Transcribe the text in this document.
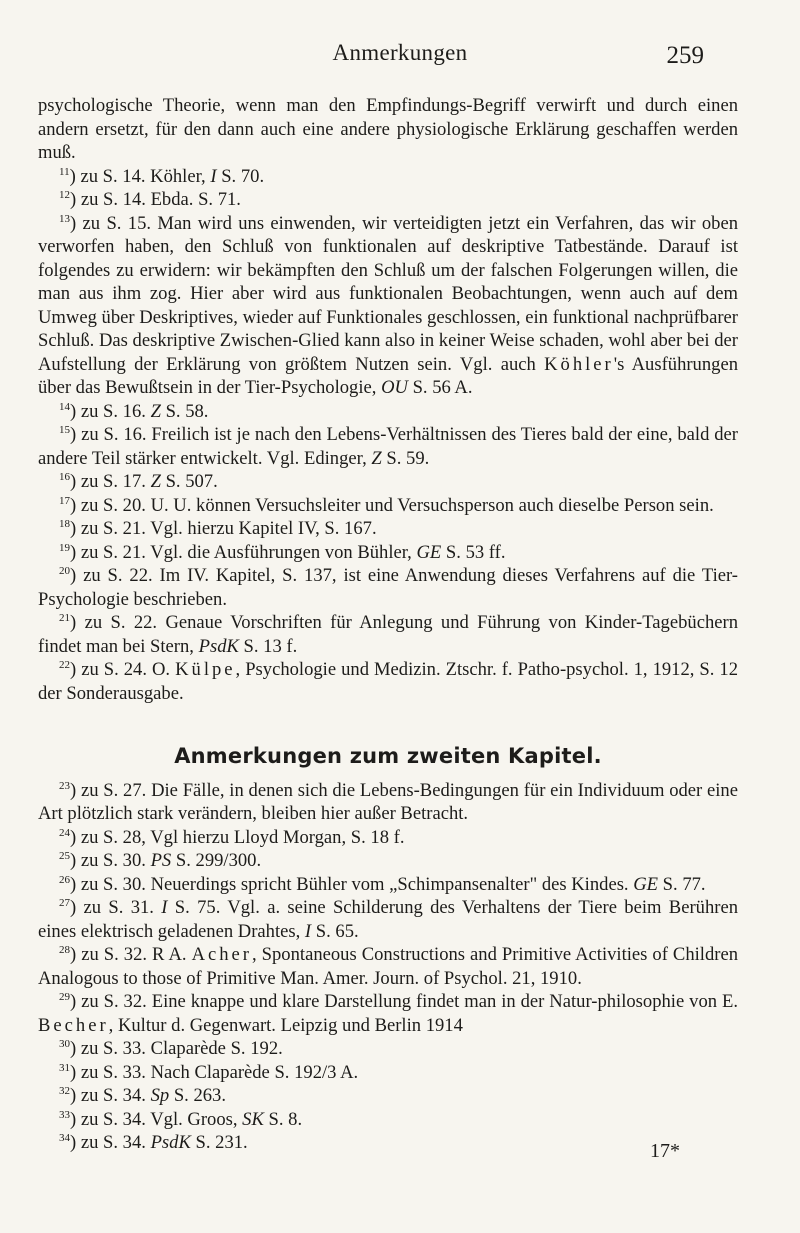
Anmerkungen	259

psychologische Theorie, wenn man den Empfindungs-Begriff verwirft und durch einen andern ersetzt, für den dann auch eine andere physiologische Erklärung geschaffen werden muß.

$^{11}$) zu S. 14. Köhler, I S. 70.

$^{12}$) zu S. 14. Ebda. S. 71.

$^{13}$) zu S. 15. Man wird uns einwenden, wir verteidigten jetzt ein Verfahren, das wir oben verworfen haben, den Schluß von funktionalen auf deskriptive Tatbestände. Darauf ist folgendes zu erwidern: wir bekämpften den Schluß um der falschen Folgerungen willen, die man aus ihm zog. Hier aber wird aus funktionalen Beobachtungen, wenn auch auf dem Umweg über Deskriptives, wieder auf Funktionales geschlossen, ein funktional nachprüfbarer Schluß. Das deskriptive Zwischen-Glied kann also in keiner Weise schaden, wohl aber bei der Aufstellung der Erklärung von größtem Nutzen sein. Vgl. auch Köhler's Ausführungen über das Bewußtsein in der Tier-Psychologie, OU S. 56 A.

$^{14}$) zu S. 16. Z S. 58.

$^{15}$) zu S. 16. Freilich ist je nach den Lebens-Verhältnissen des Tieres bald der eine, bald der andere Teil stärker entwickelt. Vgl. Edinger, Z S. 59.

$^{16}$) zu S. 17. Z S. 507.

$^{17}$) zu S. 20. U. U. können Versuchsleiter und Versuchsperson auch dieselbe Person sein.

$^{18}$) zu S. 21. Vgl. hierzu Kapitel IV, S. 167.

$^{19}$) zu S. 21. Vgl. die Ausführungen von Bühler, GE S. 53 ff.

$^{20}$) zu S. 22. Im IV. Kapitel, S. 137, ist eine Anwendung dieses Verfahrens auf die Tier-Psychologie beschrieben.

$^{21}$) zu S. 22. Genaue Vorschriften für Anlegung und Führung von Kinder-Tagebüchern findet man bei Stern, PsdK S. 13 f.

$^{22}$) zu S. 24. O. Külpe, Psychologie und Medizin. Ztschr. f. Patho-psychol. 1, 1912, S. 12 der Sonderausgabe.

Anmerkungen zum zweiten Kapitel.

$^{23}$) zu S. 27. Die Fälle, in denen sich die Lebens-Bedingungen für ein Individuum oder eine Art plötzlich stark verändern, bleiben hier außer Betracht.

$^{24}$) zu S. 28, Vgl hierzu Lloyd Morgan, S. 18 f.

$^{25}$) zu S. 30. PS S. 299/300.

$^{26}$) zu S. 30. Neuerdings spricht Bühler vom „Schimpansenalter" des Kindes. GE S. 77.

$^{27}$) zu S. 31. I S. 75. Vgl. a. seine Schilderung des Verhaltens der Tiere beim Berühren eines elektrisch geladenen Drahtes, I S. 65.

$^{28}$) zu S. 32. R A. Acher, Spontaneous Constructions and Primitive Activities of Children Analogous to those of Primitive Man. Amer. Journ. of Psychol. 21, 1910.

$^{29}$) zu S. 32. Eine knappe und klare Darstellung findet man in der Natur-philosophie von E. Becher, Kultur d. Gegenwart. Leipzig und Berlin 1914

$^{30}$) zu S. 33. Claparède S. 192.

$^{31}$) zu S. 33. Nach Claparède S. 192/3 A.

$^{32}$) zu S. 34. Sp S. 263.

$^{33}$) zu S. 34. Vgl. Groos, SK S. 8.

$^{34}$) zu S. 34. PsdK S. 231.	17*
